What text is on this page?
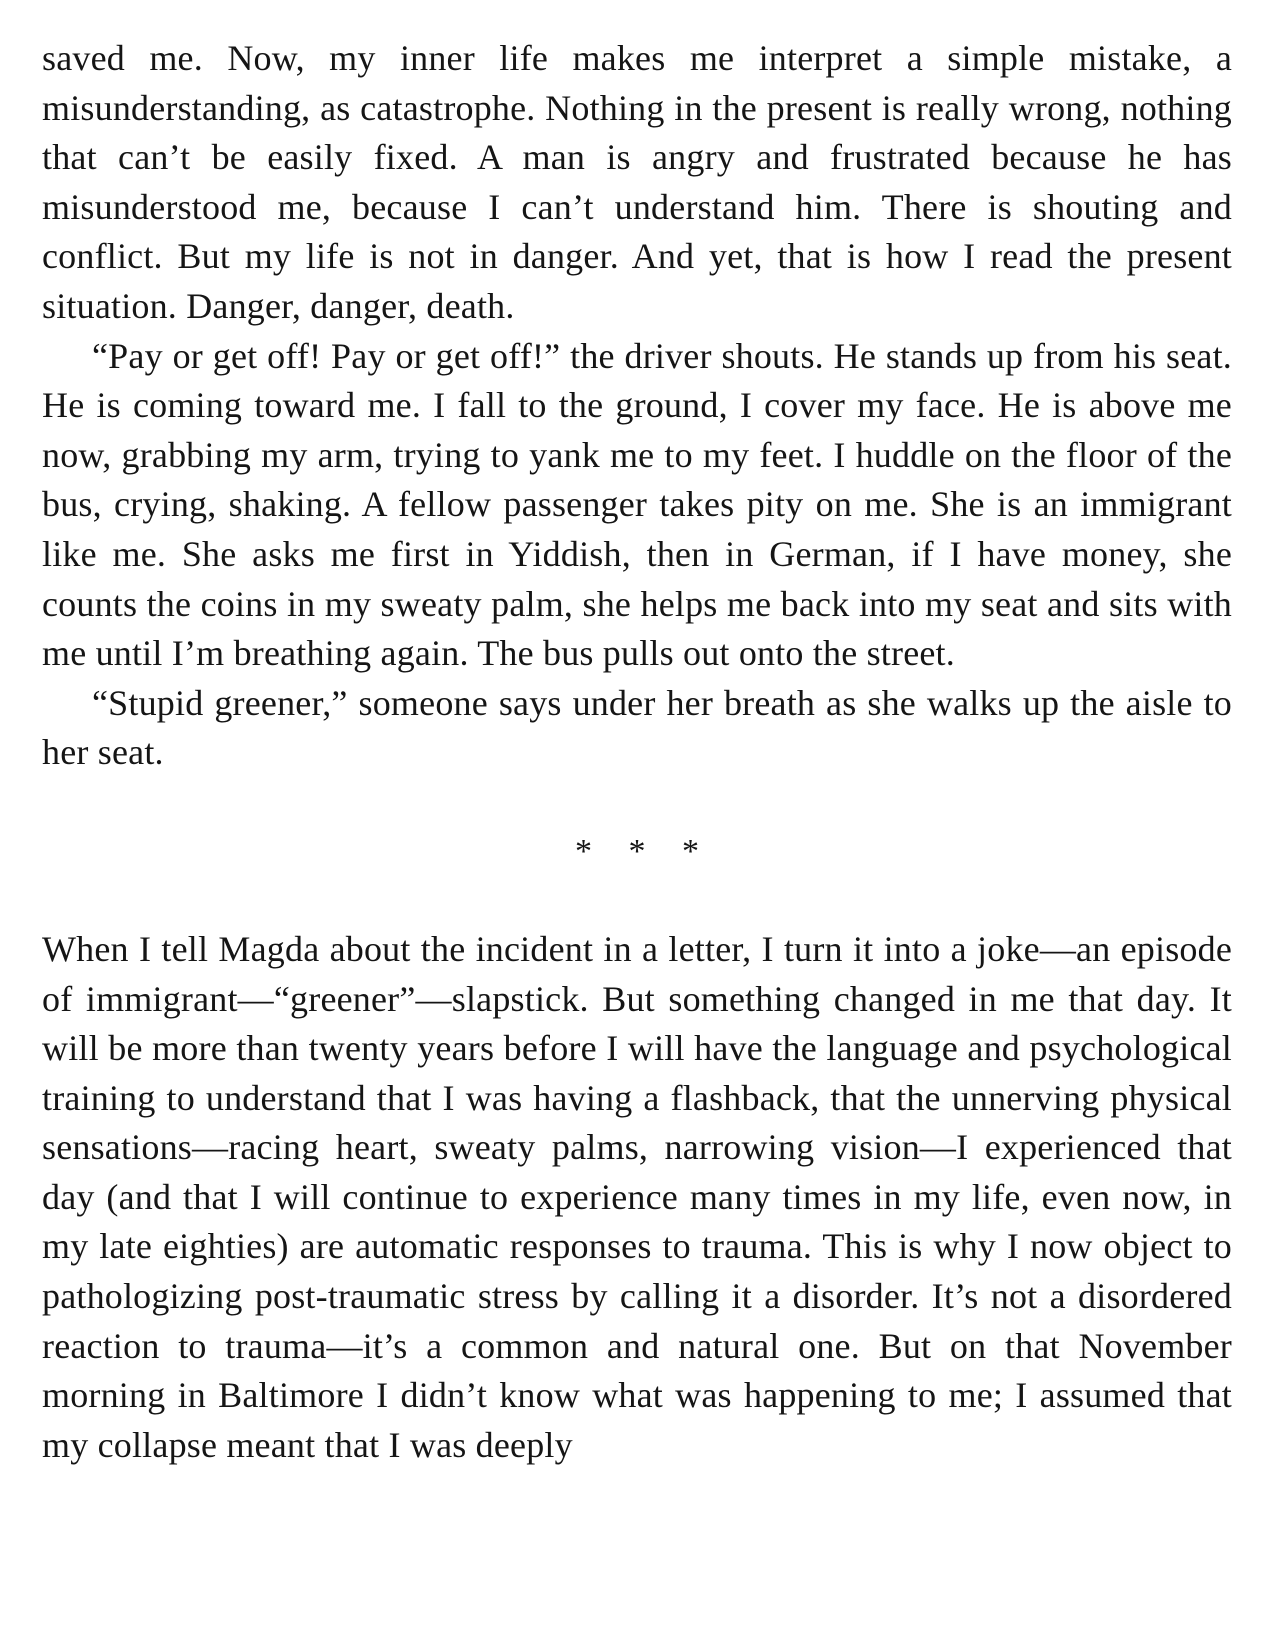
saved me. Now, my inner life makes me interpret a simple mistake, a misunderstanding, as catastrophe. Nothing in the present is really wrong, nothing that can’t be easily fixed. A man is angry and frustrated because he has misunderstood me, because I can’t understand him. There is shouting and conflict. But my life is not in danger. And yet, that is how I read the present situation. Danger, danger, death.

“Pay or get off! Pay or get off!” the driver shouts. He stands up from his seat. He is coming toward me. I fall to the ground, I cover my face. He is above me now, grabbing my arm, trying to yank me to my feet. I huddle on the floor of the bus, crying, shaking. A fellow passenger takes pity on me. She is an immigrant like me. She asks me first in Yiddish, then in German, if I have money, she counts the coins in my sweaty palm, she helps me back into my seat and sits with me until I’m breathing again. The bus pulls out onto the street.

“Stupid greener,” someone says under her breath as she walks up the aisle to her seat.

* * *

When I tell Magda about the incident in a letter, I turn it into a joke—an episode of immigrant—“greener”—slapstick. But something changed in me that day. It will be more than twenty years before I will have the language and psychological training to understand that I was having a flashback, that the unnerving physical sensations—racing heart, sweaty palms, narrowing vision—I experienced that day (and that I will continue to experience many times in my life, even now, in my late eighties) are automatic responses to trauma. This is why I now object to pathologizing post-traumatic stress by calling it a disorder. It’s not a disordered reaction to trauma—it’s a common and natural one. But on that November morning in Baltimore I didn’t know what was happening to me; I assumed that my collapse meant that I was deeply
